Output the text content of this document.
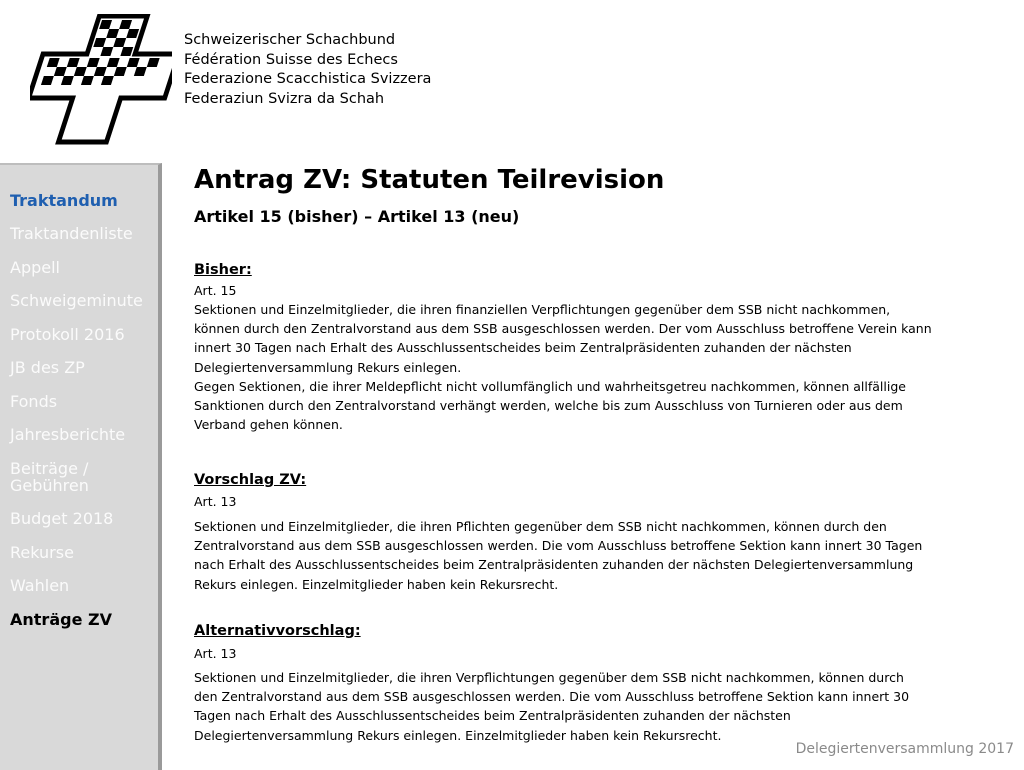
Schweizerischer Schachbund
Fédération Suisse des Echecs
Federazione Scacchistica Svizzera
Federaziun Svizra da Schah
Traktandum
Traktandenliste
Appell
Schweigeminute
Protokoll 2016
JB des ZP
Fonds
Jahresberichte
Beiträge /
Gebühren
Budget 2018
Rekurse
Wahlen
Anträge ZV
Antrag ZV: Statuten Teilrevision
Artikel 15 (bisher) – Artikel 13 (neu)
Bisher:
Art. 15
Sektionen und Einzelmitglieder, die ihren finanziellen Verpflichtungen gegenüber dem SSB nicht nachkommen,
können durch den Zentralvorstand aus dem SSB ausgeschlossen werden. Der vom Ausschluss betroffene Verein kann
innert 30 Tagen nach Erhalt des Ausschlussentscheides beim Zentralpräsidenten zuhanden der nächsten
Delegiertenversammlung Rekurs einlegen.
Gegen Sektionen, die ihrer Meldepflicht nicht vollumfänglich und wahrheitsgetreu nachkommen, können allfällige
Sanktionen durch den Zentralvorstand verhängt werden, welche bis zum Ausschluss von Turnieren oder aus dem
Verband gehen können.
Vorschlag ZV:
Art. 13
Sektionen und Einzelmitglieder, die ihren Pflichten gegenüber dem SSB nicht nachkommen, können durch den
Zentralvorstand aus dem SSB ausgeschlossen werden. Die vom Ausschluss betroffene Sektion kann innert 30 Tagen
nach Erhalt des Ausschlussentscheides beim Zentralpräsidenten zuhanden der nächsten Delegiertenversammlung
Rekurs einlegen. Einzelmitglieder haben kein Rekursrecht.
Alternativvorschlag:
Art. 13
Sektionen und Einzelmitglieder, die ihren Verpflichtungen gegenüber dem SSB nicht nachkommen, können durch
den Zentralvorstand aus dem SSB ausgeschlossen werden. Die vom Ausschluss betroffene Sektion kann innert 30
Tagen nach Erhalt des Ausschlussentscheides beim Zentralpräsidenten zuhanden der nächsten
Delegiertenversammlung Rekurs einlegen. Einzelmitglieder haben kein Rekursrecht.
Delegiertenversammlung 2017
